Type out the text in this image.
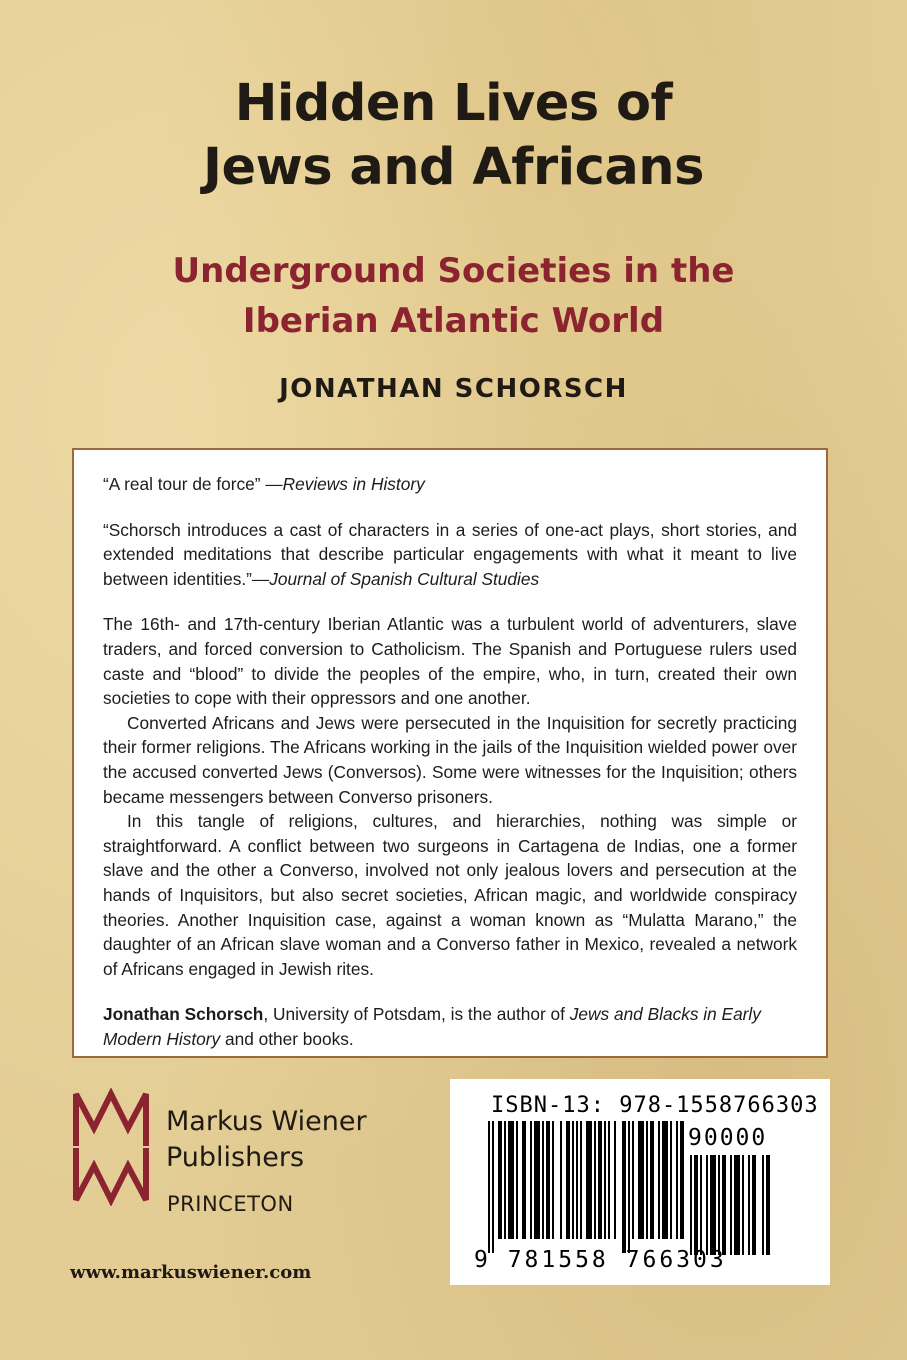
Hidden Lives of
Jews and Africans
Underground Societies in the
Iberian Atlantic World
JONATHAN SCHORSCH

“A real tour de force” —Reviews in History

“Schorsch introduces a cast of characters in a series of one-act plays, short stories, and extended meditations that describe particular engagements with what it meant to live between identities.”—Journal of Spanish Cultural Studies

The 16th- and 17th-century Iberian Atlantic was a turbulent world of adventurers, slave traders, and forced conversion to Catholicism. The Spanish and Portuguese rulers used caste and “blood” to divide the peoples of the empire, who, in turn, created their own societies to cope with their oppressors and one another.

Converted Africans and Jews were persecuted in the Inquisition for secretly practicing their former religions. The Africans working in the jails of the Inquisition wielded power over the accused converted Jews (Conversos). Some were witnesses for the Inquisition; others became messengers between Converso prisoners.

In this tangle of religions, cultures, and hierarchies, nothing was simple or straightforward. A conflict between two surgeons in Cartagena de Indias, one a former slave and the other a Converso, involved not only jealous lovers and persecution at the hands of Inquisitors, but also secret societies, African magic, and worldwide conspiracy theories. Another Inquisition case, against a woman known as “Mulatta Marano,” the daughter of an African slave woman and a Converso father in Mexico, revealed a network of Africans engaged in Jewish rites.

Jonathan Schorsch, University of Potsdam, is the author of Jews and Blacks in Early Modern History and other books.

Markus Wiener
Publishers
PRINCETON
www.markuswiener.com
ISBN-13: 978-1558766303
90000
9 781558 766303
